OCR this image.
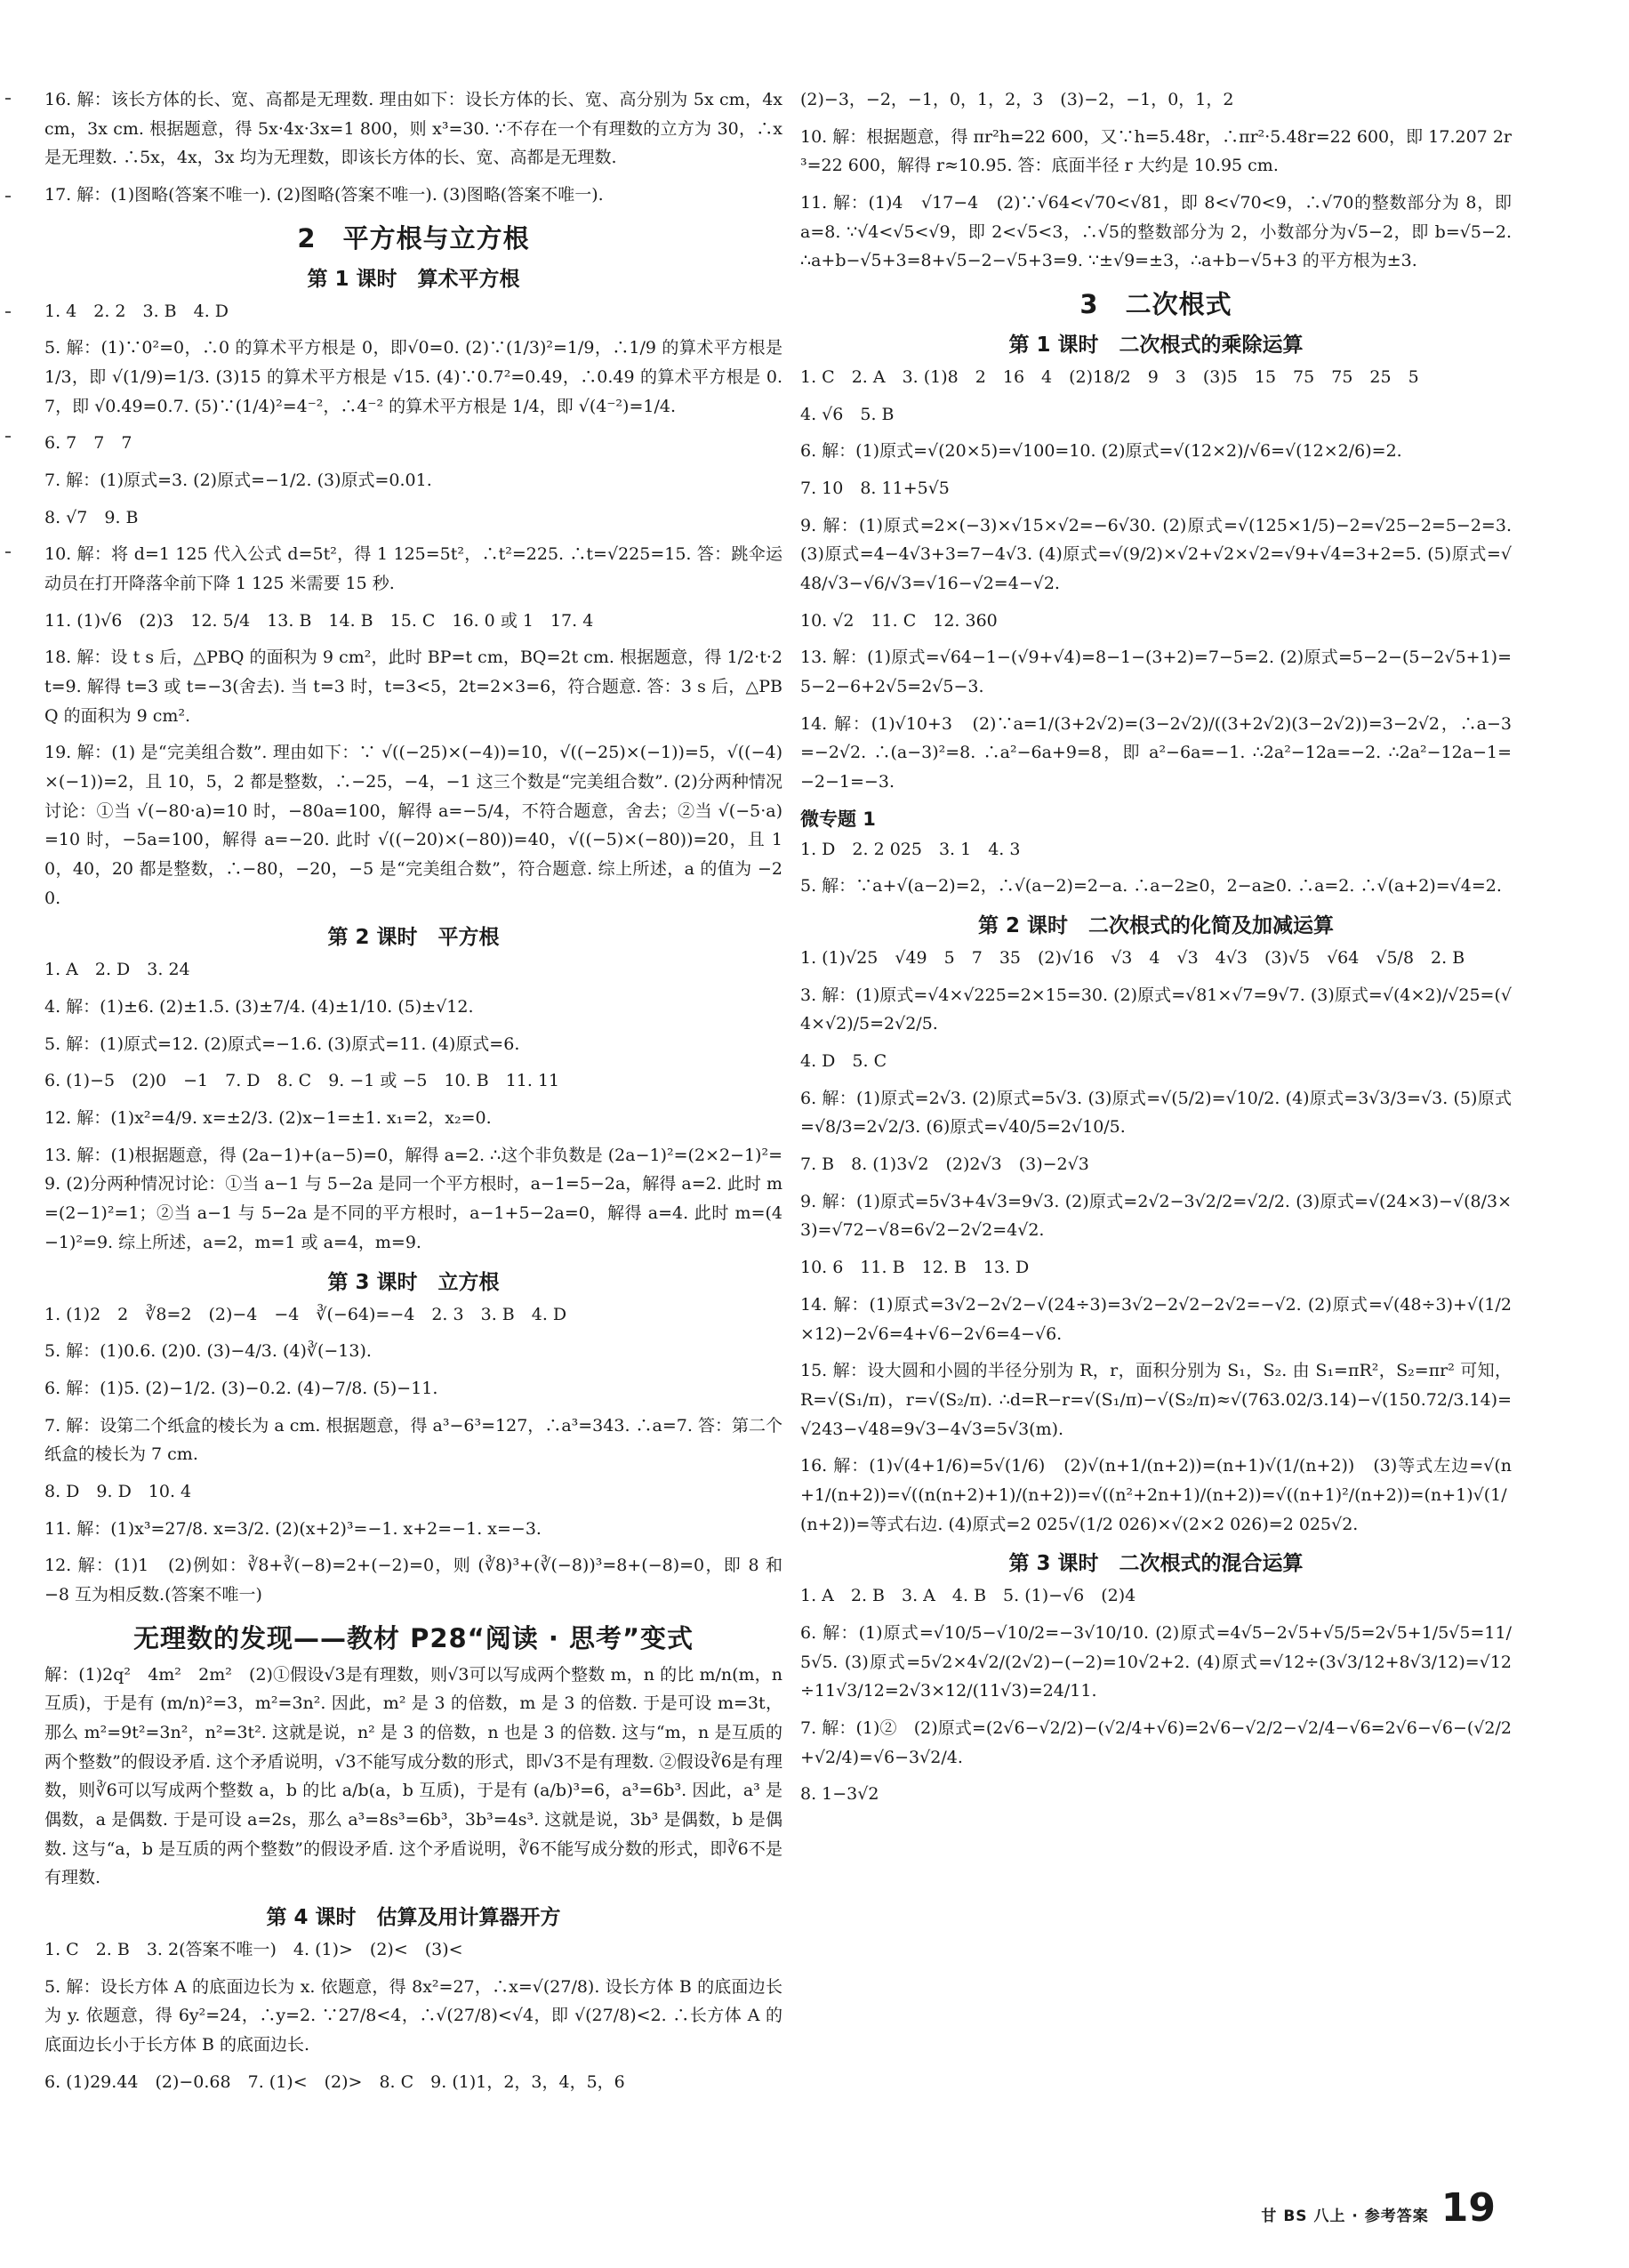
16. 解：该长方体的长、宽、高都是无理数. 理由如下：设长方体的长、宽、高分别为 5x cm，4x cm，3x cm. 根据题意，得 5x·4x·3x=1 800，则 x³=30. ∵不存在一个有理数的立方为 30，∴x 是无理数. ∴5x，4x，3x 均为无理数，即该长方体的长、宽、高都是无理数.

17. 解：(1)图略(答案不唯一). (2)图略(答案不唯一). (3)图略(答案不唯一).

2　平方根与立方根
第 1 课时　算术平方根

1. 4　2. 2　3. B　4. D

5. 解：(1)∵0²=0，∴0 的算术平方根是 0，即√0=0. (2)∵(1/3)²=1/9，∴1/9 的算术平方根是 1/3，即 √(1/9)=1/3. (3)15 的算术平方根是 √15. (4)∵0.7²=0.49，∴0.49 的算术平方根是 0.7，即 √0.49=0.7. (5)∵(1/4)²=4⁻²，∴4⁻² 的算术平方根是 1/4，即 √(4⁻²)=1/4.

6. 7　7　7

7. 解：(1)原式=3. (2)原式=−1/2. (3)原式=0.01.

8. √7　9. B

10. 解：将 d=1 125 代入公式 d=5t²，得 1 125=5t²，∴t²=225. ∴t=√225=15. 答：跳伞运动员在打开降落伞前下降 1 125 米需要 15 秒.

11. (1)√6　(2)3　12. 5/4　13. B　14. B　15. C　16. 0 或 1　17. 4

18. 解：设 t s 后，△PBQ 的面积为 9 cm²，此时 BP=t cm，BQ=2t cm. 根据题意，得 1/2·t·2t=9. 解得 t=3 或 t=−3(舍去). 当 t=3 时，t=3<5，2t=2×3=6，符合题意. 答：3 s 后，△PBQ 的面积为 9 cm².

19. 解：(1) 是“完美组合数”. 理由如下：∵ √((−25)×(−4))=10，√((−25)×(−1))=5，√((−4)×(−1))=2，且 10，5，2 都是整数，∴−25，−4，−1 这三个数是“完美组合数”. (2)分两种情况讨论：①当 √(−80·a)=10 时，−80a=100，解得 a=−5/4，不符合题意，舍去；②当 √(−5·a)=10 时，−5a=100，解得 a=−20. 此时 √((−20)×(−80))=40，√((−5)×(−80))=20，且 10，40，20 都是整数，∴−80，−20，−5 是“完美组合数”，符合题意. 综上所述，a 的值为 −20.

第 2 课时　平方根

1. A　2. D　3. 24

4. 解：(1)±6. (2)±1.5. (3)±7/4. (4)±1/10. (5)±√12.

5. 解：(1)原式=12. (2)原式=−1.6. (3)原式=11. (4)原式=6.

6. (1)−5　(2)0　−1　7. D　8. C　9. −1 或 −5　10. B　11. 11

12. 解：(1)x²=4/9. x=±2/3. (2)x−1=±1. x₁=2，x₂=0.

13. 解：(1)根据题意，得 (2a−1)+(a−5)=0，解得 a=2. ∴这个非负数是 (2a−1)²=(2×2−1)²=9. (2)分两种情况讨论：①当 a−1 与 5−2a 是同一个平方根时，a−1=5−2a，解得 a=2. 此时 m=(2−1)²=1；②当 a−1 与 5−2a 是不同的平方根时，a−1+5−2a=0，解得 a=4. 此时 m=(4−1)²=9. 综上所述，a=2，m=1 或 a=4，m=9.

第 3 课时　立方根

1. (1)2　2　∛8=2　(2)−4　−4　∛(−64)=−4　2. 3　3. B　4. D

5. 解：(1)0.6. (2)0. (3)−4/3. (4)∛(−13).

6. 解：(1)5. (2)−1/2. (3)−0.2. (4)−7/8. (5)−11.

7. 解：设第二个纸盒的棱长为 a cm. 根据题意，得 a³−6³=127，∴a³=343. ∴a=7. 答：第二个纸盒的棱长为 7 cm.

8. D　9. D　10. 4

11. 解：(1)x³=27/8. x=3/2. (2)(x+2)³=−1. x+2=−1. x=−3.

12. 解：(1)1　(2)例如：∛8+∛(−8)=2+(−2)=0，则 (∛8)³+(∛(−8))³=8+(−8)=0，即 8 和 −8 互为相反数.(答案不唯一)

无理数的发现——教材 P28“阅读 · 思考”变式

解：(1)2q²　4m²　2m²　(2)①假设√3是有理数，则√3可以写成两个整数 m，n 的比 m/n(m，n 互质)，于是有 (m/n)²=3，m²=3n². 因此，m² 是 3 的倍数，m 是 3 的倍数. 于是可设 m=3t，那么 m²=9t²=3n²，n²=3t². 这就是说，n² 是 3 的倍数，n 也是 3 的倍数. 这与“m，n 是互质的两个整数”的假设矛盾. 这个矛盾说明，√3不能写成分数的形式，即√3不是有理数. ②假设∛6是有理数，则∛6可以写成两个整数 a，b 的比 a/b(a，b 互质)，于是有 (a/b)³=6，a³=6b³. 因此，a³ 是偶数，a 是偶数. 于是可设 a=2s，那么 a³=8s³=6b³，3b³=4s³. 这就是说，3b³ 是偶数，b 是偶数. 这与“a，b 是互质的两个整数”的假设矛盾. 这个矛盾说明，∛6不能写成分数的形式，即∛6不是有理数.

第 4 课时　估算及用计算器开方

1. C　2. B　3. 2(答案不唯一)　4. (1)>　(2)<　(3)<

5. 解：设长方体 A 的底面边长为 x. 依题意，得 8x²=27，∴x=√(27/8). 设长方体 B 的底面边长为 y. 依题意，得 6y²=24，∴y=2. ∵27/8<4，∴√(27/8)<√4，即 √(27/8)<2. ∴长方体 A 的底面边长小于长方体 B 的底面边长.

6. (1)29.44　(2)−0.68　7. (1)<　(2)>　8. C　9. (1)1，2，3，4，5，6

(2)−3，−2，−1，0，1，2，3　(3)−2，−1，0，1，2

10. 解：根据题意，得 πr²h=22 600，又∵h=5.48r，∴πr²·5.48r=22 600，即 17.207 2r³=22 600，解得 r≈10.95. 答：底面半径 r 大约是 10.95 cm.

11. 解：(1)4　√17−4　(2)∵√64<√70<√81，即 8<√70<9，∴√70的整数部分为 8，即 a=8. ∵√4<√5<√9，即 2<√5<3，∴√5的整数部分为 2，小数部分为√5−2，即 b=√5−2. ∴a+b−√5+3=8+√5−2−√5+3=9. ∵±√9=±3，∴a+b−√5+3 的平方根为±3.

3　二次根式
第 1 课时　二次根式的乘除运算

1. C　2. A　3. (1)8　2　16　4　(2)18/2　9　3　(3)5　15　75　75　25　5

4. √6　5. B

6. 解：(1)原式=√(20×5)=√100=10. (2)原式=√(12×2)/√6=√(12×2/6)=2.

7. 10　8. 11+5√5

9. 解：(1)原式=2×(−3)×√15×√2=−6√30. (2)原式=√(125×1/5)−2=√25−2=5−2=3. (3)原式=4−4√3+3=7−4√3. (4)原式=√(9/2)×√2+√2×√2=√9+√4=3+2=5. (5)原式=√48/√3−√6/√3=√16−√2=4−√2.

10. √2　11. C　12. 360

13. 解：(1)原式=√64−1−(√9+√4)=8−1−(3+2)=7−5=2. (2)原式=5−2−(5−2√5+1)=5−2−6+2√5=2√5−3.

14. 解：(1)√10+3　(2)∵a=1/(3+2√2)=(3−2√2)/((3+2√2)(3−2√2))=3−2√2，∴a−3=−2√2. ∴(a−3)²=8. ∴a²−6a+9=8，即 a²−6a=−1. ∴2a²−12a=−2. ∴2a²−12a−1=−2−1=−3.

微专题 1

1. D　2. 2 025　3. 1　4. 3

5. 解：∵a+√(a−2)=2，∴√(a−2)=2−a. ∴a−2≥0，2−a≥0. ∴a=2. ∴√(a+2)=√4=2.

第 2 课时　二次根式的化简及加减运算

1. (1)√25　√49　5　7　35　(2)√16　√3　4　√3　4√3　(3)√5　√64　√5/8　2. B

3. 解：(1)原式=√4×√225=2×15=30. (2)原式=√81×√7=9√7. (3)原式=√(4×2)/√25=(√4×√2)/5=2√2/5.

4. D　5. C

6. 解：(1)原式=2√3. (2)原式=5√3. (3)原式=√(5/2)=√10/2. (4)原式=3√3/3=√3. (5)原式=√8/3=2√2/3. (6)原式=√40/5=2√10/5.

7. B　8. (1)3√2　(2)2√3　(3)−2√3

9. 解：(1)原式=5√3+4√3=9√3. (2)原式=2√2−3√2/2=√2/2. (3)原式=√(24×3)−√(8/3×3)=√72−√8=6√2−2√2=4√2.

10. 6　11. B　12. B　13. D

14. 解：(1)原式=3√2−2√2−√(24÷3)=3√2−2√2−2√2=−√2. (2)原式=√(48÷3)+√(1/2×12)−2√6=4+√6−2√6=4−√6.

15. 解：设大圆和小圆的半径分别为 R，r，面积分别为 S₁，S₂. 由 S₁=πR²，S₂=πr² 可知，R=√(S₁/π)，r=√(S₂/π). ∴d=R−r=√(S₁/π)−√(S₂/π)≈√(763.02/3.14)−√(150.72/3.14)=√243−√48=9√3−4√3=5√3(m).

16. 解：(1)√(4+1/6)=5√(1/6)　(2)√(n+1/(n+2))=(n+1)√(1/(n+2))　(3)等式左边=√(n+1/(n+2))=√((n(n+2)+1)/(n+2))=√((n²+2n+1)/(n+2))=√((n+1)²/(n+2))=(n+1)√(1/(n+2))=等式右边. (4)原式=2 025√(1/2 026)×√(2×2 026)=2 025√2.

第 3 课时　二次根式的混合运算

1. A　2. B　3. A　4. B　5. (1)−√6　(2)4

6. 解：(1)原式=√10/5−√10/2=−3√10/10. (2)原式=4√5−2√5+√5/5=2√5+1/5√5=11/5√5. (3)原式=5√2×4√2/(2√2)−(−2)=10√2+2. (4)原式=√12÷(3√3/12+8√3/12)=√12÷11√3/12=2√3×12/(11√3)=24/11.

7. 解：(1)②　(2)原式=(2√6−√2/2)−(√2/4+√6)=2√6−√2/2−√2/4−√6=2√6−√6−(√2/2+√2/4)=√6−3√2/4.

8. 1−3√2

甘 BS 八上 · 参考答案 19
